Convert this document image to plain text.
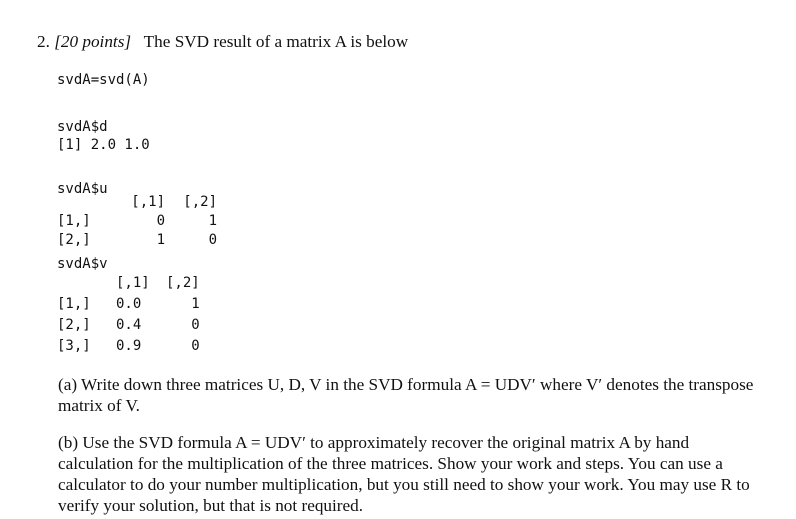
2. [20 points] The SVD result of a matrix A is below
svdA=svd(A)
svdA$d
[1] 2.0 1.0
svdA$u
	[,1]	[,2]
[1,]	0	1
[2,]	1	0
svdA$v
	[,1]	[,2]
[1,]	0.0	1
[2,]	0.4	0
[3,]	0.9	0

(a) Write down three matrices U, D, V in the SVD formula A = UDV′ where V′ denotes the transpose matrix of V.

(b) Use the SVD formula A = UDV′ to approximately recover the original matrix A by hand calculation for the multiplication of the three matrices. Show your work and steps. You can use a calculator to do your number multiplication, but you still need to show your work. You may use R to verify your solution, but that is not required.
